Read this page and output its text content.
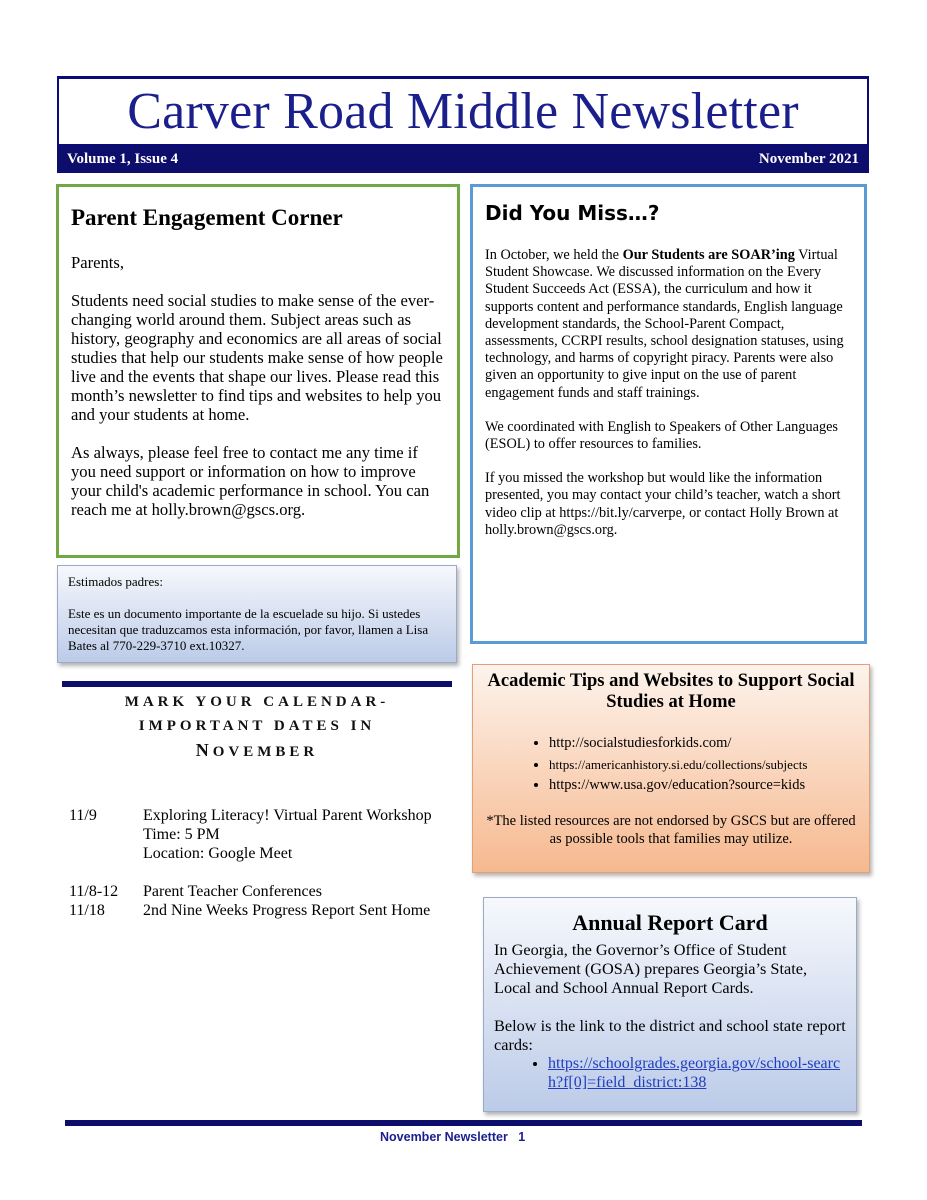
Carver Road Middle Newsletter
Volume 1, Issue 4	November 2021
Parent Engagement Corner

Parents,

Students need social studies to make sense of the ever-changing world around them. Subject areas such as history, geography and economics are all areas of social studies that help our students make sense of how people live and the events that shape our lives. Please read this month’s newsletter to find tips and websites to help you and your students at home.

As always, please feel free to contact me any time if you need support or information on how to improve your child's academic performance in school. You can reach me at holly.brown@gscs.org.

Estimados padres:

Este es un documento importante de la escuelade su hijo. Si ustedes necesitan que traduzcamos esta información, por favor, llamen a Lisa Bates al 770-229-3710 ext.10327.

Did You Miss…?

In October, we held the Our Students are SOAR’ing Virtual Student Showcase. We discussed information on the Every Student Succeeds Act (ESSA), the curriculum and how it supports content and performance standards, English language development standards, the School-Parent Compact, assessments, CCRPI results, school designation statuses, using technology, and harms of copyright piracy. Parents were also given an opportunity to give input on the use of parent engagement funds and staff trainings.

We coordinated with English to Speakers of Other Languages (ESOL) to offer resources to families.

If you missed the workshop but would like the information presented, you may contact your child’s teacher, watch a short video clip at https://bit.ly/carverpe, or contact Holly Brown at holly.brown@gscs.org.

MARK YOUR CALENDAR-
IMPORTANT DATES IN
NOVEMBER
11/9	Exploring Literacy! Virtual Parent Workshop
Time: 5 PM
Location: Google Meet
11/8-12	Parent Teacher Conferences
11/18	2nd Nine Weeks Progress Report Sent Home
Academic Tips and Websites to Support Social Studies at Home
• http://socialstudiesforkids.com/
• https://americanhistory.si.edu/collections/subjects
• https://www.usa.gov/education?source=kids
*The listed resources are not endorsed by GSCS but are offered as possible tools that families may utilize.
Annual Report Card

In Georgia, the Governor’s Office of Student Achievement (GOSA) prepares Georgia’s State, Local and School Annual Report Cards.

Below is the link to the district and school state report cards:

• https://schoolgrades.georgia.gov/school-search?f[0]=field_district:138
November Newsletter   1
